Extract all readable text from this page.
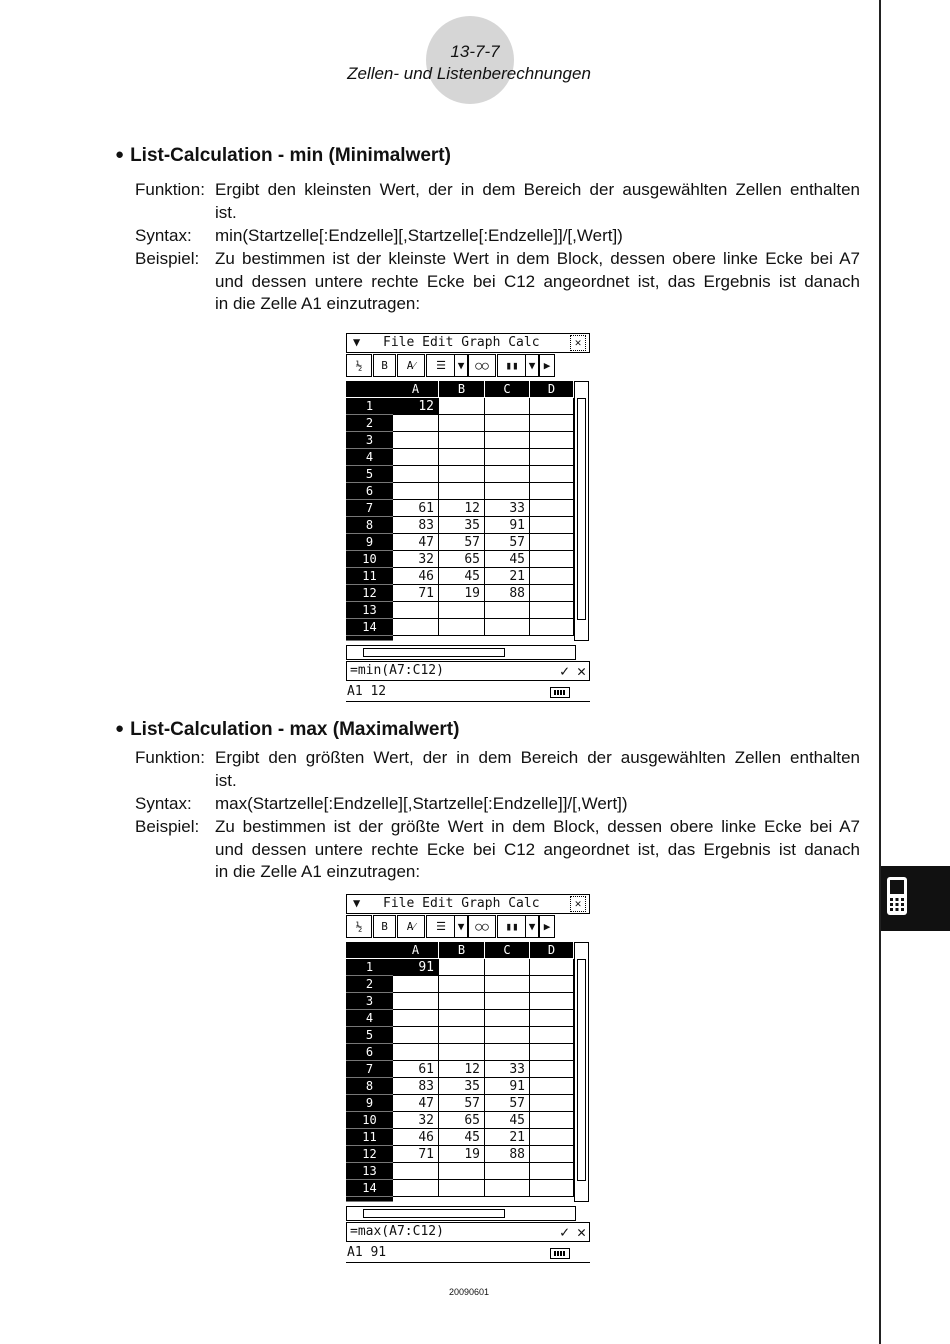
13-7-7
Zellen- und Listenberechnungen
● List-Calculation - min (Minimalwert)
Funktion: Ergibt den kleinsten Wert, der in dem Bereich der ausgewählten Zellen enthalten
ist.
Syntax: min(Startzelle[:Endzelle][,Startzelle[:Endzelle]]/[,Wert])
Beispiel: Zu bestimmen ist der kleinste Wert in dem Block, dessen obere linke Ecke bei A7
und dessen untere rechte Ecke bei C12 angeordnet ist, das Ergebnis ist danach
in die Zelle A1 einzutragen:
▼ File Edit Graph Calc	✕
½	B	A⁄	☰	▼	◯◯	▮▮ ▼ ▶
A	B	C	D
1	12
2
3
4
5
6
7	61	12	33
8	83	35	91
9	47	57	57
10	32	65	45
11	46	45	21
12	71	19	88
13
14
=min(A7:C12)	✓ ✕
A1 12
● List-Calculation - max (Maximalwert)
Funktion: Ergibt den größten Wert, der in dem Bereich der ausgewählten Zellen enthalten
ist.
Syntax: max(Startzelle[:Endzelle][,Startzelle[:Endzelle]]/[,Wert])
Beispiel: Zu bestimmen ist der größte Wert in dem Block, dessen obere linke Ecke bei A7
und dessen untere rechte Ecke bei C12 angeordnet ist, das Ergebnis ist danach
in die Zelle A1 einzutragen:
▼ File Edit Graph Calc	✕
½	B	A⁄	☰	▼	◯◯	▮▮ ▼ ▶
A	B	C	D
1	91
2
3
4
5
6
7	61	12	33
8	83	35	91
9	47	57	57
10	32	65	45
11	46	45	21
12	71	19	88
13
14
=max(A7:C12)	✓ ✕
A1 91
20090601
